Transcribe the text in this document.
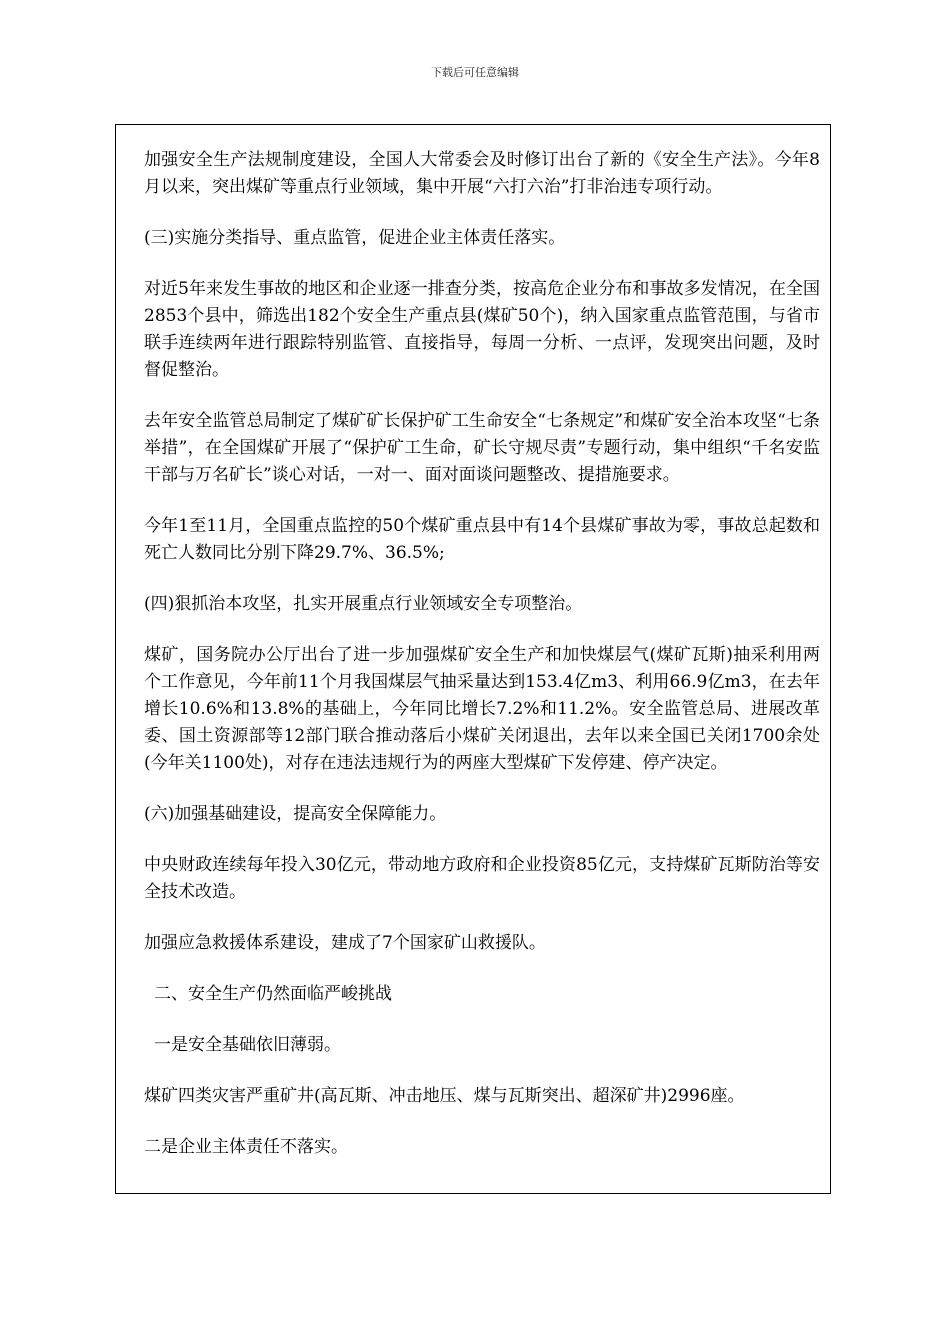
下载后可任意编辑

加强安全生产法规制度建设，全国人大常委会及时修订出台了新的《安全生产法》。今年8月以来，突出煤矿等重点行业领域，集中开展“六打六治”打非治违专项行动。

(三)实施分类指导、重点监管，促进企业主体责任落实。

对近5年来发生事故的地区和企业逐一排查分类，按高危企业分布和事故多发情况，在全国2853个县中，筛选出182个安全生产重点县(煤矿50个)，纳入国家重点监管范围，与省市联手连续两年进行跟踪特别监管、直接指导，每周一分析、一点评，发现突出问题，及时督促整治。

去年安全监管总局制定了煤矿矿长保护矿工生命安全“七条规定”和煤矿安全治本攻坚“七条举措”，在全国煤矿开展了“保护矿工生命，矿长守规尽责”专题行动，集中组织“千名安监干部与万名矿长”谈心对话，一对一、面对面谈问题整改、提措施要求。

今年1至11月，全国重点监控的50个煤矿重点县中有14个县煤矿事故为零，事故总起数和死亡人数同比分别下降29.7%、36.5%;

(四)狠抓治本攻坚，扎实开展重点行业领域安全专项整治。

煤矿，国务院办公厅出台了进一步加强煤矿安全生产和加快煤层气(煤矿瓦斯)抽采利用两个工作意见，今年前11个月我国煤层气抽采量达到153.4亿m3、利用66.9亿m3，在去年增长10.6%和13.8%的基础上，今年同比增长7.2%和11.2%。安全监管总局、进展改革委、国土资源部等12部门联合推动落后小煤矿关闭退出，去年以来全国已关闭1700余处(今年关1100处)，对存在违法违规行为的两座大型煤矿下发停建、停产决定。

(六)加强基础建设，提高安全保障能力。

中央财政连续每年投入30亿元，带动地方政府和企业投资85亿元，支持煤矿瓦斯防治等安全技术改造。

加强应急救援体系建设，建成了7个国家矿山救援队。

二、安全生产仍然面临严峻挑战

一是安全基础依旧薄弱。

煤矿四类灾害严重矿井(高瓦斯、冲击地压、煤与瓦斯突出、超深矿井)2996座。

二是企业主体责任不落实。
